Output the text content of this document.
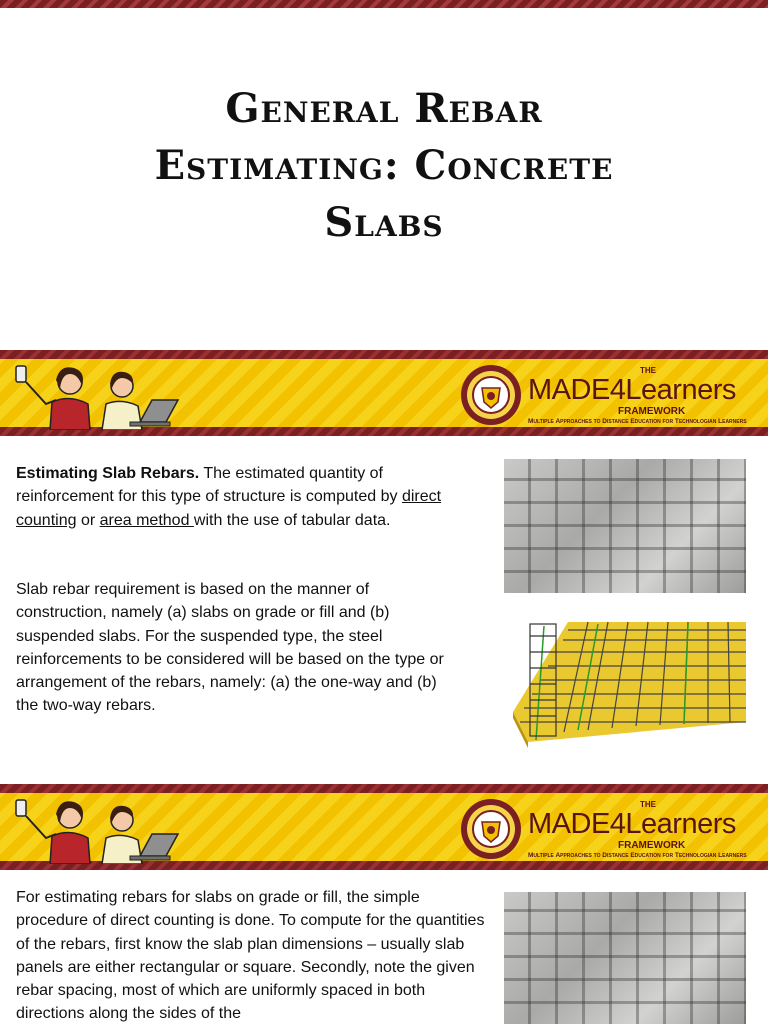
General Rebar
Estimating: Concrete
Slabs
THE
MADE4Learners
FRAMEWORK
Multiple Approaches to Distance Education for Technologian Learners
Estimating Slab Rebars. The estimated quantity of reinforcement for this type of structure is computed by direct counting or area method with the use of tabular data.
Slab rebar requirement is based on the manner of construction, namely (a) slabs on grade or fill and (b) suspended slabs. For the suspended type, the steel reinforcements to be considered will be based on the type or arrangement of the rebars, namely: (a) the one-way and (b) the two-way rebars.
THE
MADE4Learners
FRAMEWORK
Multiple Approaches to Distance Education for Technologian Learners
For estimating rebars for slabs on grade or fill, the simple procedure of direct counting is done. To compute for the quantities of the rebars, first know the slab plan dimensions – usually slab panels are either rectangular or square. Secondly, note the given rebar spacing, most of which are uniformly spaced in both directions along the sides of the
